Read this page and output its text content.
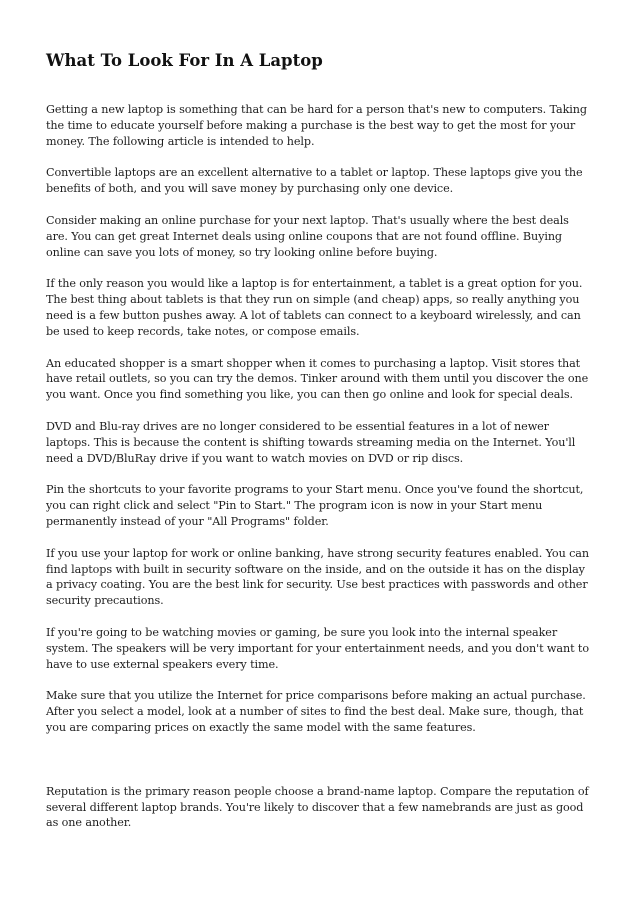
What To Look For In A Laptop

Getting a new laptop is something that can be hard for a person that's new to computers. Taking the time to educate yourself before making a purchase is the best way to get the most for your money. The following article is intended to help.

Convertible laptops are an excellent alternative to a tablet or laptop. These laptops give you the benefits of both, and you will save money by purchasing only one device.

Consider making an online purchase for your next laptop. That's usually where the best deals are. You can get great Internet deals using online coupons that are not found offline. Buying online can save you lots of money, so try looking online before buying.

If the only reason you would like a laptop is for entertainment, a tablet is a great option for you. The best thing about tablets is that they run on simple (and cheap) apps, so really anything you need is a few button pushes away. A lot of tablets can connect to a keyboard wirelessly, and can be used to keep records, take notes, or compose emails.

An educated shopper is a smart shopper when it comes to purchasing a laptop. Visit stores that have retail outlets, so you can try the demos. Tinker around with them until you discover the one you want. Once you find something you like, you can then go online and look for special deals.

DVD and Blu-ray drives are no longer considered to be essential features in a lot of newer laptops. This is because the content is shifting towards streaming media on the Internet. You'll need a DVD/BluRay drive if you want to watch movies on DVD or rip discs.

Pin the shortcuts to your favorite programs to your Start menu. Once you've found the shortcut, you can right click and select "Pin to Start." The program icon is now in your Start menu permanently instead of your "All Programs" folder.

If you use your laptop for work or online banking, have strong security features enabled. You can find laptops with built in security software on the inside, and on the outside it has on the display a privacy coating. You are the best link for security. Use best practices with passwords and other security precautions.

If you're going to be watching movies or gaming, be sure you look into the internal speaker system. The speakers will be very important for your entertainment needs, and you don't want to have to use external speakers every time.

Make sure that you utilize the Internet for price comparisons before making an actual purchase. After you select a model, look at a number of sites to find the best deal. Make sure, though, that you are comparing prices on exactly the same model with the same features.

Reputation is the primary reason people choose a brand-name laptop. Compare the reputation of several different laptop brands. You're likely to discover that a few namebrands are just as good as one another.
